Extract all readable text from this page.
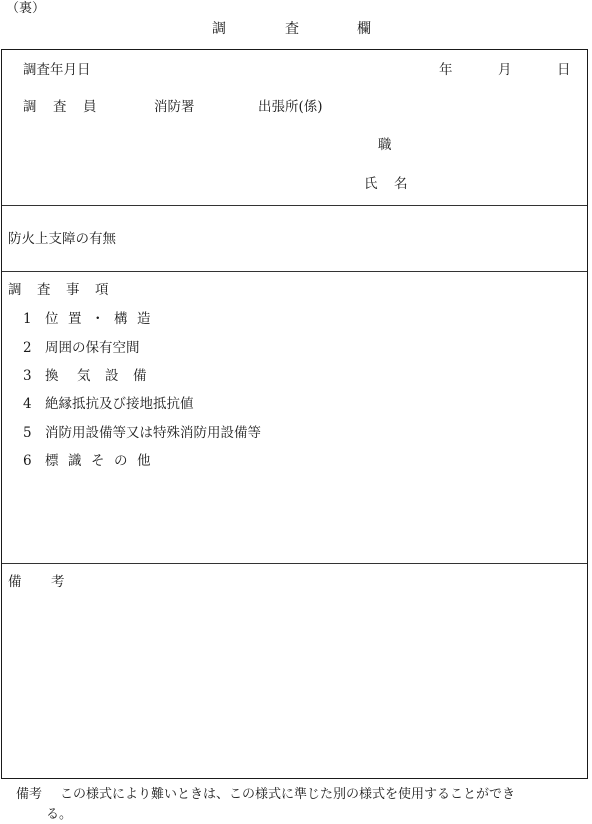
（裏）
調	査	欄
調査年月日	年	月	日
調 査 員	消防署	出張所(係)
職
氏 名
防火上支障の有無
調 査 事 項
1 位 置 ・ 構 造
2 周囲の保有空間
3 換 気 設 備
4 絶縁抵抗及び接地抵抗値
5 消防用設備等又は特殊消防用設備等
6 標 識 そ の 他
備 考
備考 この様式により難いときは、この様式に準じた別の様式を使用することができ
る。
